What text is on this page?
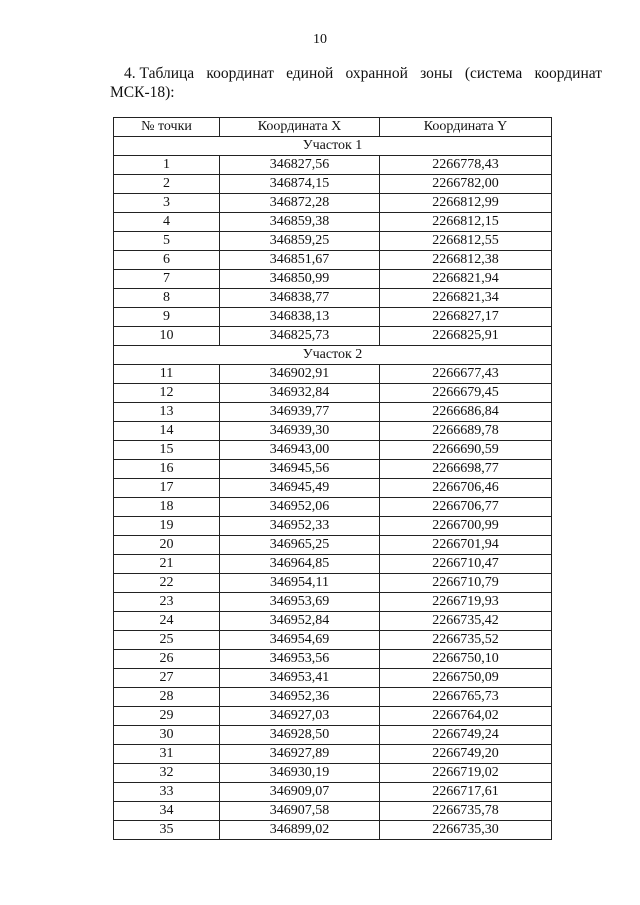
10
4. Таблица координат единой охранной зоны (система координат
МСК-18):
№ точки	Координата X	Координата Y
Участок 1		
1	346827,56	2266778,43
2	346874,15	2266782,00
3	346872,28	2266812,99
4	346859,38	2266812,15
5	346859,25	2266812,55
6	346851,67	2266812,38
7	346850,99	2266821,94
8	346838,77	2266821,34
9	346838,13	2266827,17
10	346825,73	2266825,91
Участок 2		
11	346902,91	2266677,43
12	346932,84	2266679,45
13	346939,77	2266686,84
14	346939,30	2266689,78
15	346943,00	2266690,59
16	346945,56	2266698,77
17	346945,49	2266706,46
18	346952,06	2266706,77
19	346952,33	2266700,99
20	346965,25	2266701,94
21	346964,85	2266710,47
22	346954,11	2266710,79
23	346953,69	2266719,93
24	346952,84	2266735,42
25	346954,69	2266735,52
26	346953,56	2266750,10
27	346953,41	2266750,09
28	346952,36	2266765,73
29	346927,03	2266764,02
30	346928,50	2266749,24
31	346927,89	2266749,20
32	346930,19	2266719,02
33	346909,07	2266717,61
34	346907,58	2266735,78
35	346899,02	2266735,30
